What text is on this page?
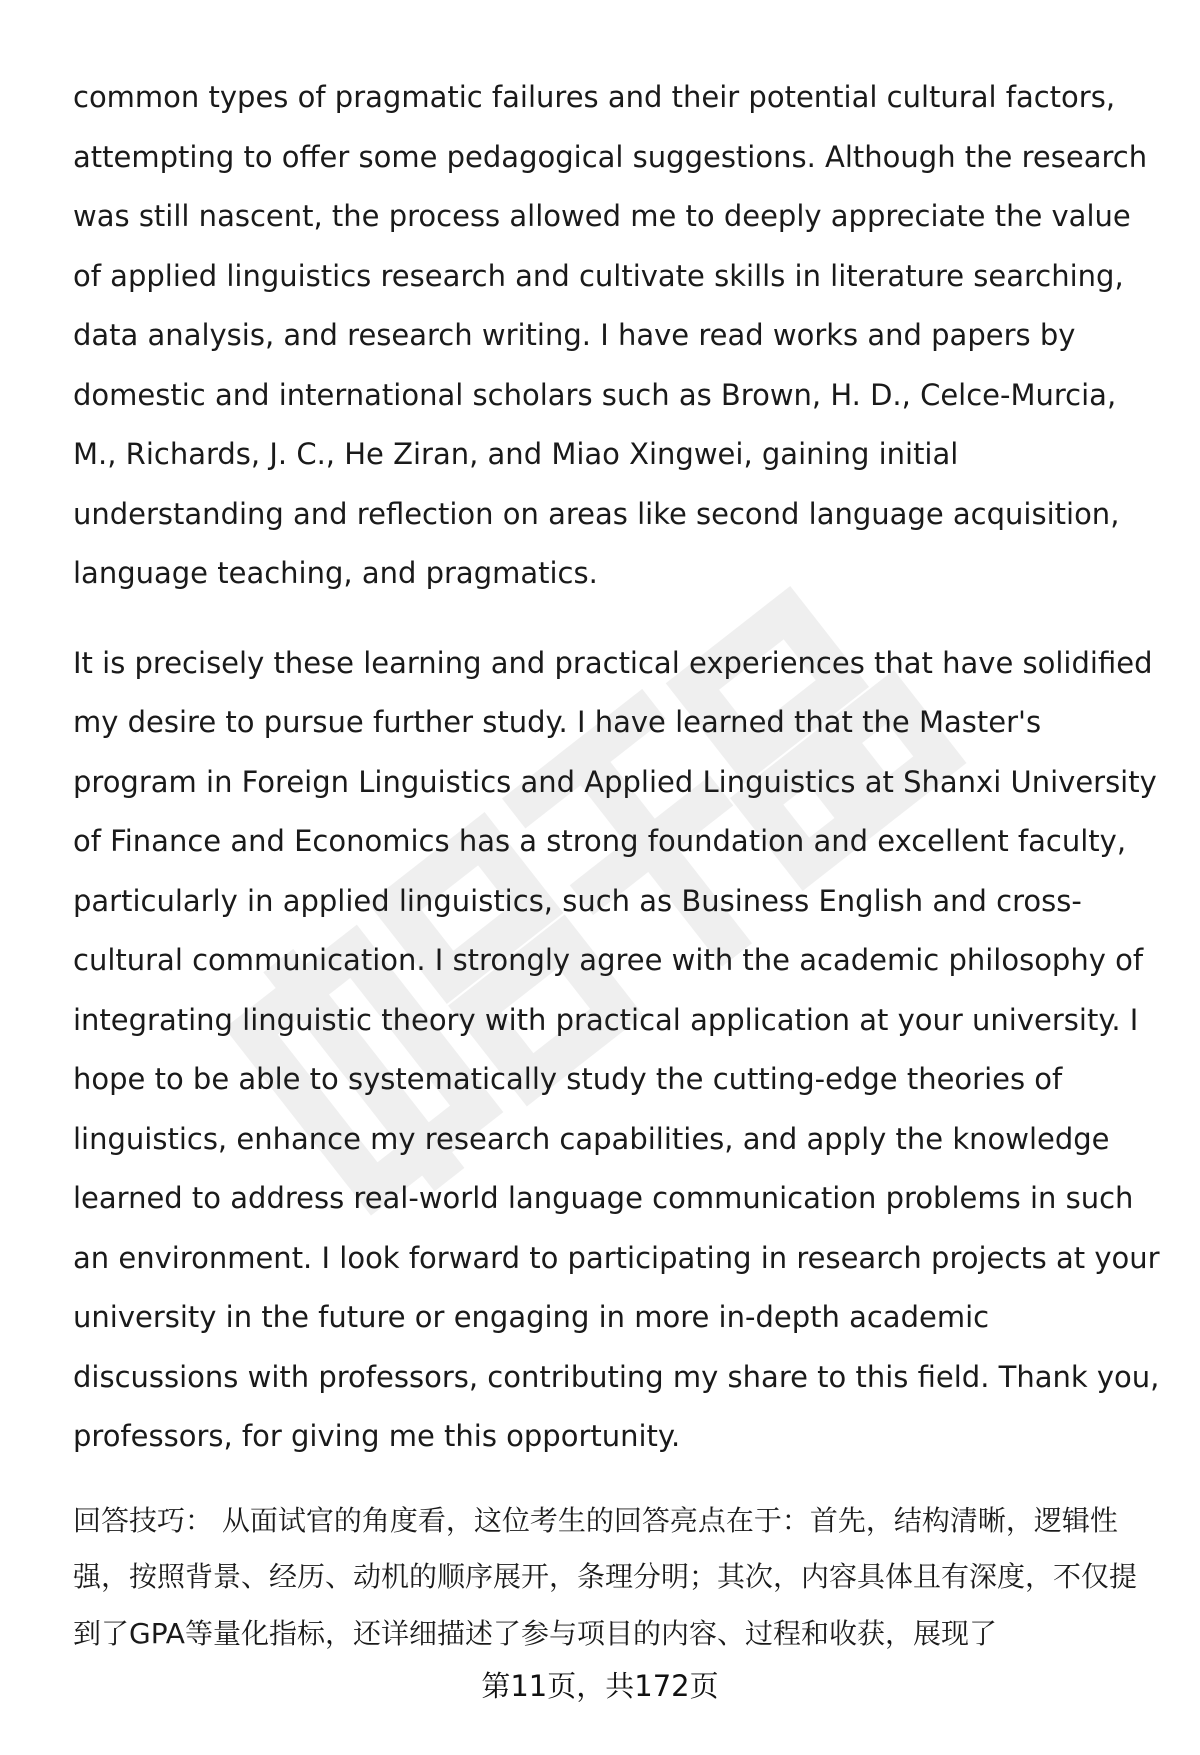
common types of pragmatic failures and their potential cultural factors, attempting to offer some pedagogical suggestions. Although the research was still nascent, the process allowed me to deeply appreciate the value of applied linguistics research and cultivate skills in literature searching, data analysis, and research writing. I have read works and papers by domestic and international scholars such as Brown, H. D., Celce-Murcia, M., Richards, J. C., He Ziran, and Miao Xingwei, gaining initial understanding and reflection on areas like second language acquisition, language teaching, and pragmatics.

It is precisely these learning and practical experiences that have solidified my desire to pursue further study. I have learned that the Master's program in Foreign Linguistics and Applied Linguistics at Shanxi University of Finance and Economics has a strong foundation and excellent faculty, particularly in applied linguistics, such as Business English and cross-cultural communication. I strongly agree with the academic philosophy of integrating linguistic theory with practical application at your university. I hope to be able to systematically study the cutting-edge theories of linguistics, enhance my research capabilities, and apply the knowledge learned to address real-world language communication problems in such an environment. I look forward to participating in research projects at your university in the future or engaging in more in-depth academic discussions with professors, contributing my share to this field. Thank you, professors, for giving me this opportunity.

回答技巧： 从面试官的角度看，这位考生的回答亮点在于：首先，结构清晰，逻辑性强，按照背景、经历、动机的顺序展开，条理分明；其次，内容具体且有深度，不仅提到了GPA等量化指标，还详细描述了参与项目的内容、过程和收获，展现了

第11页，共172页
